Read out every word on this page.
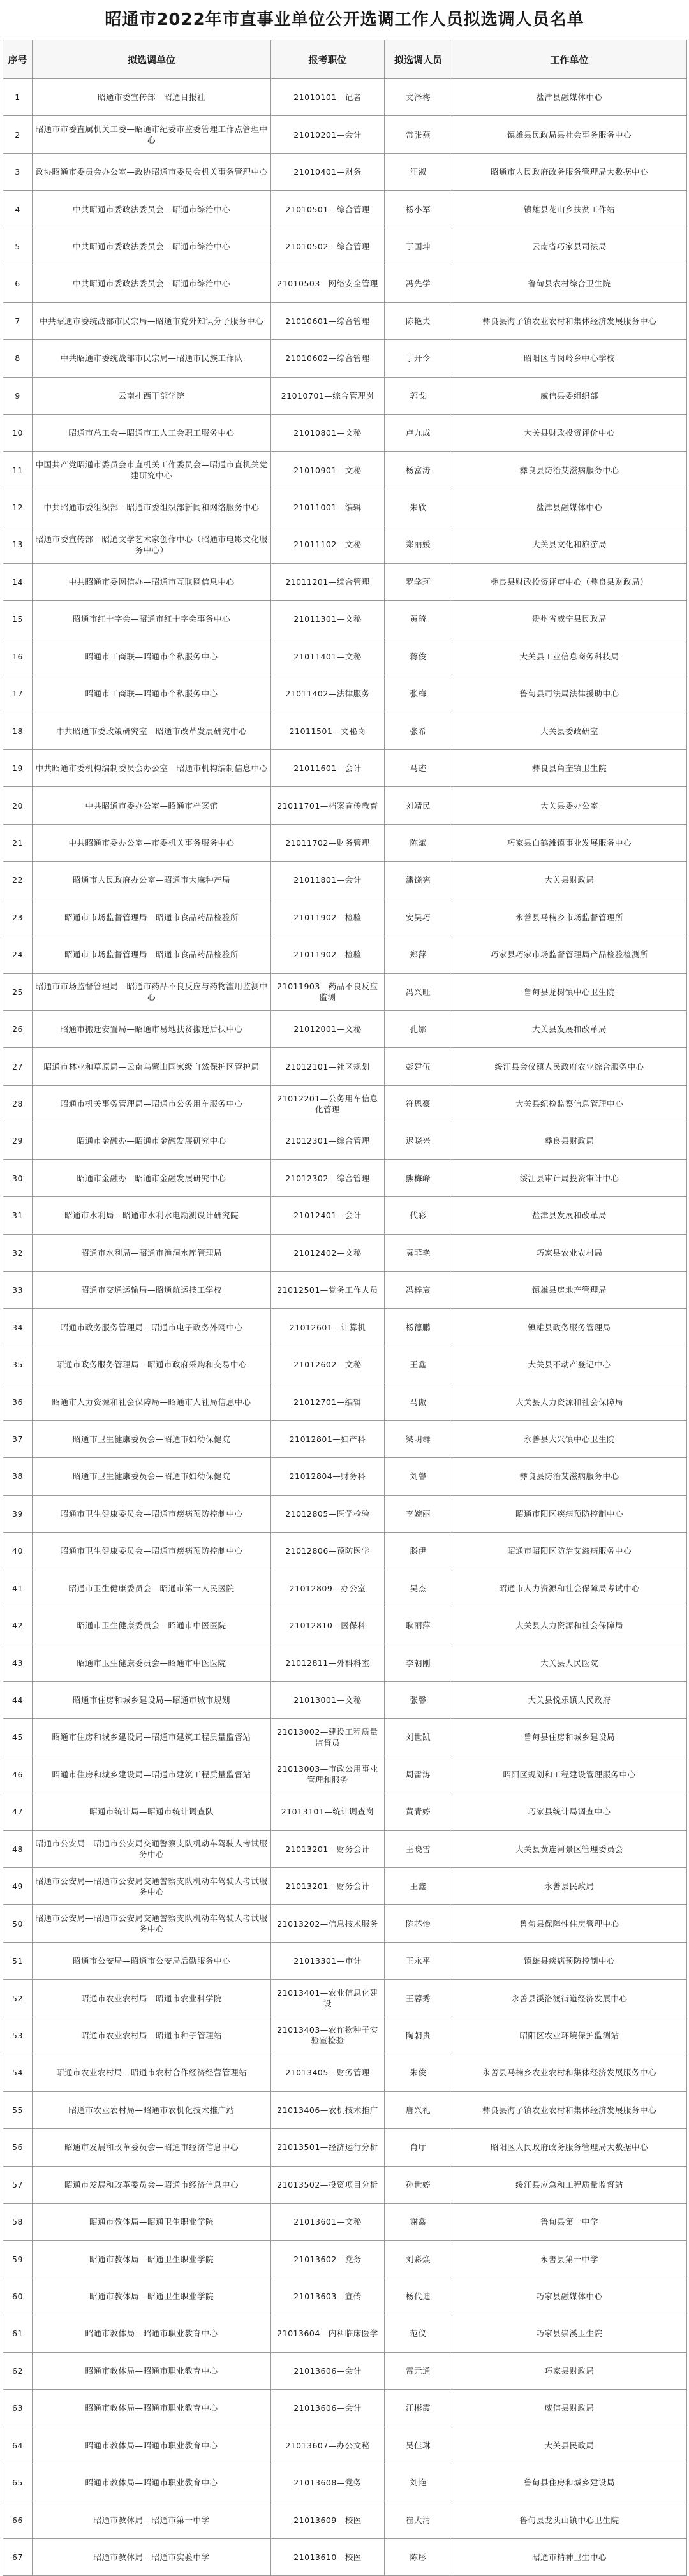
昭通市2022年市直事业单位公开选调工作人员拟选调人员名单
序号	拟选调单位	报考职位	拟选调人员	工作单位
1	昭通市委宣传部—昭通日报社	21010101—记者	文泽梅	盐津县融媒体中心
2	昭通市市委直属机关工委—昭通市纪委市监委管理工作点管理中心	21010201—会计	常张燕	镇雄县民政局县社会事务服务中心
3	政协昭通市委员会办公室—政协昭通市委员会机关事务管理中心	21010401—财务	汪淑	昭通市人民政府政务服务管理局大数据中心
4	中共昭通市委政法委员会—昭通市综治中心	21010501—综合管理	杨小军	镇雄县花山乡扶贫工作站
5	中共昭通市委政法委员会—昭通市综治中心	21010502—综合管理	丁国坤	云南省巧家县司法局
6	中共昭通市委政法委员会—昭通市综治中心	21010503—网络安全管理	冯先学	鲁甸县农村综合卫生院
7	中共昭通市委统战部市民宗局—昭通市党外知识分子服务中心	21010601—综合管理	陈艳夫	彝良县海子镇农业农村和集体经济发展服务中心
8	中共昭通市委统战部市民宗局—昭通市民族工作队	21010602—综合管理	丁开令	昭阳区青岗岭乡中心学校
9	云南扎西干部学院	21010701—综合管理岗	郭戈	威信县委组织部
10	昭通市总工会—昭通市工人工会职工服务中心	21010801—文秘	卢九成	大关县财政投资评价中心
11	中国共产党昭通市委员会市直机关工作委员会—昭通市直机关党建研究中心	21010901—文秘	杨富涛	彝良县防治艾滋病服务中心
12	中共昭通市委组织部—昭通市委组织部新闻和网络服务中心	21011001—编辑	朱欣	盐津县融媒体中心
13	昭通市委宣传部—昭通文学艺术家创作中心（昭通市电影文化服务中心）	21011102—文秘	郑丽媛	大关县文化和旅游局
14	中共昭通市委网信办—昭通市互联网信息中心	21011201—综合管理	罗学珂	彝良县财政投资评审中心（彝良县财政局）
15	昭通市红十字会—昭通市红十字会事务中心	21011301—文秘	黄琦	贵州省威宁县民政局
16	昭通市工商联—昭通市个私服务中心	21011401—文秘	蒋俊	大关县工业信息商务科技局
17	昭通市工商联—昭通市个私服务中心	21011402—法律服务	张梅	鲁甸县司法局法律援助中心
18	中共昭通市委政策研究室—昭通市改革发展研究中心	21011501—文秘岗	张希	大关县委政研室
19	中共昭通市委机构编制委员会办公室—昭通市机构编制信息中心	21011601—会计	马迹	彝良县角奎镇卫生院
20	中共昭通市委办公室—昭通市档案馆	21011701—档案宣传教育	刘靖民	大关县委办公室
21	中共昭通市委办公室—市委机关事务服务中心	21011702—财务管理	陈斌	巧家县白鹤滩镇事业发展服务中心
22	昭通市人民政府办公室—昭通市大麻种产局	21011801—会计	潘饶宪	大关县财政局
23	昭通市市场监督管理局—昭通市食品药品检验所	21011902—检验	安昊巧	永善县马楠乡市场监督管理所
24	昭通市市场监督管理局—昭通市食品药品检验所	21011902—检验	郑萍	巧家县巧家市场监督管理局产品检验检测所
25	昭通市市场监督管理局—昭通市药品不良反应与药物滥用监测中心	21011903—药品不良反应监测	冯兴旺	鲁甸县龙树镇中心卫生院
26	昭通市搬迁安置局—昭通市易地扶贫搬迁后扶中心	21012001—文秘	孔娜	大关县发展和改革局
27	昭通市林业和草原局—云南乌蒙山国家级自然保护区管护局	21012101—社区规划	彭建伍	绥江县会仪镇人民政府农业综合服务中心
28	昭通市机关事务管理局—昭通市公务用车服务中心	21012201—公务用车信息化管理	符恩豪	大关县纪检监察信息管理中心
29	昭通市金融办—昭通市金融发展研究中心	21012301—综合管理	迟晓兴	彝良县财政局
30	昭通市金融办—昭通市金融发展研究中心	21012302—综合管理	熊梅峰	绥江县审计局投资审计中心
31	昭通市水利局—昭通市水利水电勘测设计研究院	21012401—会计	代彩	盐津县发展和改革局
32	昭通市水利局—昭通市渔洞水库管理局	21012402—文秘	袁菲艳	巧家县农业农村局
33	昭通市交通运输局—昭通航运技工学校	21012501—党务工作人员	冯梓宸	镇雄县房地产管理局
34	昭通市政务服务管理局—昭通市电子政务外网中心	21012601—计算机	杨德鹏	镇雄县政务服务管理局
35	昭通市政务服务管理局—昭通市政府采购和交易中心	21012602—文秘	王鑫	大关县不动产登记中心
36	昭通市人力资源和社会保障局—昭通市人社局信息中心	21012701—编辑	马傲	大关县人力资源和社会保障局
37	昭通市卫生健康委员会—昭通市妇幼保健院	21012801—妇产科	梁明群	永善县大兴镇中心卫生院
38	昭通市卫生健康委员会—昭通市妇幼保健院	21012804—财务科	刘馨	彝良县防治艾滋病服务中心
39	昭通市卫生健康委员会—昭通市疾病预防控制中心	21012805—医学检验	李婉丽	昭通市阳区疾病预防控制中心
40	昭通市卫生健康委员会—昭通市疾病预防控制中心	21012806—预防医学	滕伊	昭通市昭阳区防治艾滋病服务中心
41	昭通市卫生健康委员会—昭通市第一人民医院	21012809—办公室	吴杰	昭通市人力资源和社会保障局考试中心
42	昭通市卫生健康委员会—昭通市中医医院	21012810—医保科	耿丽萍	大关县人力资源和社会保障局
43	昭通市卫生健康委员会—昭通市中医医院	21012811—外科科室	李朝刚	大关县人民医院
44	昭通市住房和城乡建设局—昭通市城市规划	21013001—文秘	张馨	大关县悦乐镇人民政府
45	昭通市住房和城乡建设局—昭通市建筑工程质量监督站	21013002—建设工程质量监督员	刘世凯	鲁甸县住房和城乡建设局
46	昭通市住房和城乡建设局—昭通市建筑工程质量监督站	21013003—市政公用事业管理和服务	周雷涛	昭阳区规划和工程建设管理服务中心
47	昭通市统计局—昭通市统计调查队	21013101—统计调查岗	黄青婷	巧家县统计局调查中心
48	昭通市公安局—昭通市公安局交通警察支队机动车驾驶人考试服务中心	21013201—财务会计	王晓雪	大关县黄连河景区管理委员会
49	昭通市公安局—昭通市公安局交通警察支队机动车驾驶人考试服务中心	21013201—财务会计	王鑫	永善县民政局
50	昭通市公安局—昭通市公安局交通警察支队机动车驾驶人考试服务中心	21013202—信息技术服务	陈芯怡	鲁甸县保障性住房管理中心
51	昭通市公安局—昭通市公安局后勤服务中心	21013301—审计	王永平	镇雄县疾病预防控制中心
52	昭通市农业农村局—昭通市农业科学院	21013401—农业信息化建设	王蓉秀	永善县溪洛渡街道经济发展中心
53	昭通市农业农村局—昭通市种子管理站	21013403—农作物种子实验室检验	陶朝贵	昭阳区农业环境保护监测站
54	昭通市农业农村局—昭通市农村合作经济经营管理站	21013405—财务管理	朱俊	永善县马楠乡农业农村和集体经济发展服务中心
55	昭通市农业农村局—昭通市农机化技术推广站	21013406—农机技术推广	唐兴礼	彝良县海子镇农业农村和集体经济发展服务中心
56	昭通市发展和改革委员会—昭通市经济信息中心	21013501—经济运行分析	肖厅	昭阳区人民政府政务服务管理局大数据中心
57	昭通市发展和改革委员会—昭通市经济信息中心	21013502—投资项目分析	孙世婷	绥江县应急和工程质量监督站
58	昭通市教体局—昭通卫生职业学院	21013601—文秘	谢鑫	鲁甸县第一中学
59	昭通市教体局—昭通卫生职业学院	21013602—党务	刘彩焕	永善县第一中学
60	昭通市教体局—昭通卫生职业学院	21013603—宣传	杨代迪	巧家县融媒体中心
61	昭通市教体局—昭通市职业教育中心	21013604—内科临床医学	范仪	巧家县崇溪卫生院
62	昭通市教体局—昭通市职业教育中心	21013606—会计	雷元通	巧家县财政局
63	昭通市教体局—昭通市职业教育中心	21013606—会计	江彬霞	威信县财政局
64	昭通市教体局—昭通市职业教育中心	21013607—办公文秘	吴佳琳	大关县民政局
65	昭通市教体局—昭通市职业教育中心	21013608—党务	刘艳	鲁甸县住房和城乡建设局
66	昭通市教体局—昭通市第一中学	21013609—校医	崔大清	鲁甸县龙头山镇中心卫生院
67	昭通市教体局—昭通市实验中学	21013610—校医	陈彤	昭通市精神卫生中心
